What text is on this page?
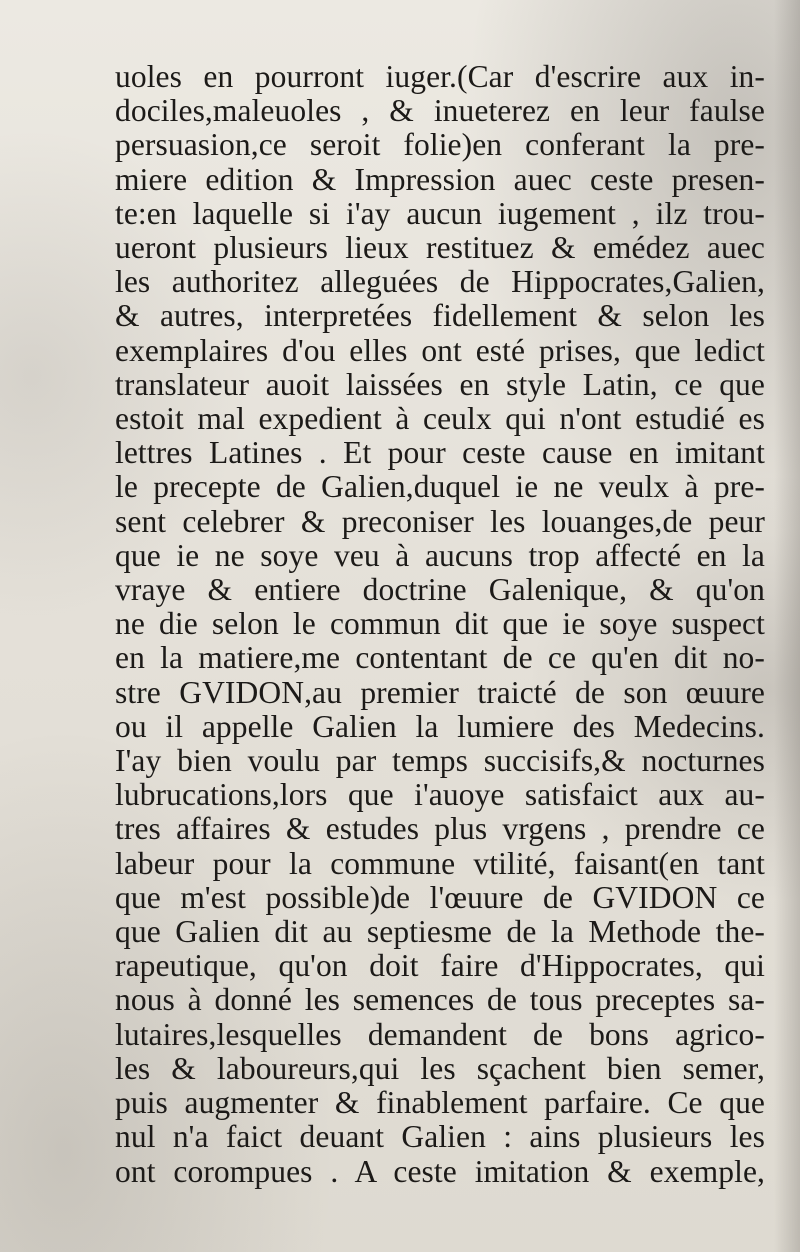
uoles en pourront iuger.(Car d'escrire aux in-
dociles,maleuoles , & inueterez en leur faulse
persuasion,ce seroit folie)en conferant la pre-
miere edition & Impression auec ceste presen-
te:en laquelle si i'ay aucun iugement , ilz trou-
ueront plusieurs lieux restituez & emédez auec
les authoritez alleguées de Hippocrates,Galien,
& autres, interpretées fidellement & selon les
exemplaires d'ou elles ont esté prises, que ledict
translateur auoit laissées en style Latin, ce que
estoit mal expedient à ceulx qui n'ont estudié es
lettres Latines . Et pour ceste cause en imitant
le precepte de Galien,duquel ie ne veulx à pre-
sent celebrer & preconiser les louanges,de peur
que ie ne soye veu à aucuns trop affecté en la
vraye & entiere doctrine Galenique, & qu'on
ne die selon le commun dit que ie soye suspect
en la matiere,me contentant de ce qu'en dit no-
stre GVIDON,au premier traicté de son œuure
ou il appelle Galien la lumiere des Medecins.
I'ay bien voulu par temps succisifs,& nocturnes
lubrucations,lors que i'auoye satisfaict aux au-
tres affaires & estudes plus vrgens , prendre ce
labeur pour la commune vtilité, faisant(en tant
que m'est possible)de l'œuure de GVIDON ce
que Galien dit au septiesme de la Methode the-
rapeutique, qu'on doit faire d'Hippocrates, qui
nous à donné les semences de tous preceptes sa-
lutaires,lesquelles demandent de bons agrico-
les & laboureurs,qui les sçachent bien semer,
puis augmenter & finablement parfaire. Ce que
nul n'a faict deuant Galien : ains plusieurs les
ont corompues . A ceste imitation & exemple,
